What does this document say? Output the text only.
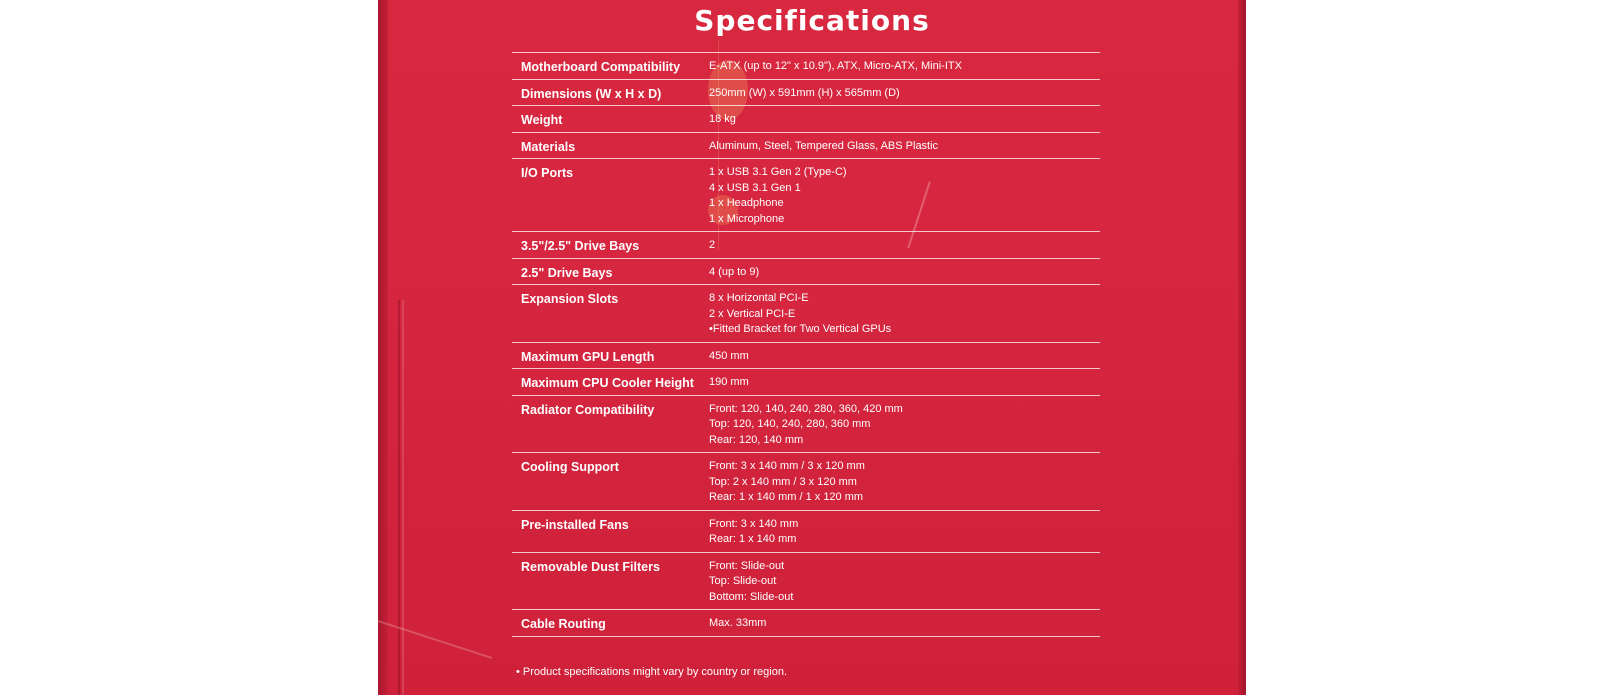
Specifications
Motherboard Compatibility	E-ATX (up to 12" x 10.9"), ATX, Micro-ATX, Mini-ITX
Dimensions (W x H x D)	250mm (W) x 591mm (H) x 565mm (D)
Weight	18 kg
Materials	Aluminum, Steel, Tempered Glass, ABS Plastic
I/O Ports	1 x USB 3.1 Gen 2 (Type-C)
4 x USB 3.1 Gen 1
1 x Headphone
1 x Microphone
3.5"/2.5" Drive Bays	2
2.5" Drive Bays	4 (up to 9)
Expansion Slots	8 x Horizontal PCI-E
2 x Vertical PCI-E
•Fitted Bracket for Two Vertical GPUs
Maximum GPU Length	450 mm
Maximum CPU Cooler Height	190 mm
Radiator Compatibility	Front: 120, 140, 240, 280, 360, 420 mm
Top: 120, 140, 240, 280, 360 mm
Rear: 120, 140 mm
Cooling Support	Front: 3 x 140 mm / 3 x 120 mm
Top: 2 x 140 mm / 3 x 120 mm
Rear: 1 x 140 mm / 1 x 120 mm
Pre-installed Fans	Front: 3 x 140 mm
Rear: 1 x 140 mm
Removable Dust Filters	Front: Slide-out
Top: Slide-out
Bottom: Slide-out
Cable Routing	Max. 33mm
• Product specifications might vary by country or region.
